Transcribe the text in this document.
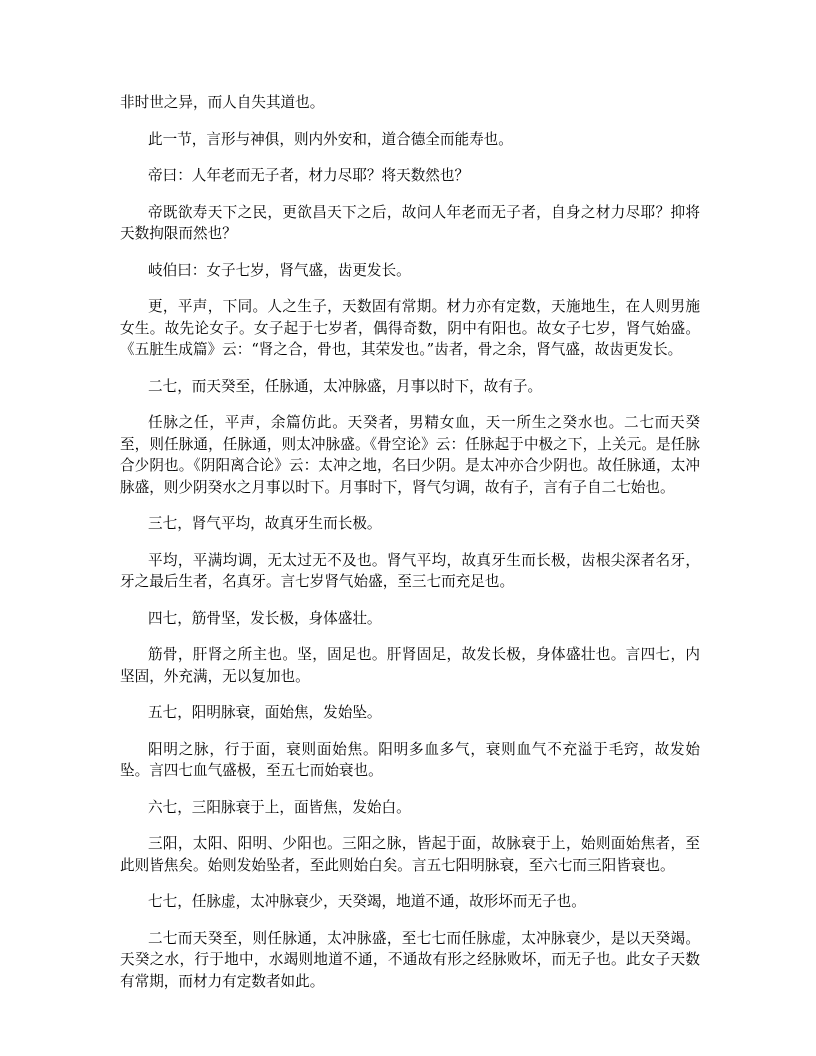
非时世之异，而人自失其道也。

此一节，言形与神俱，则内外安和，道合德全而能寿也。

帝曰：人年老而无子者，材力尽耶？将天数然也？

帝既欲寿天下之民，更欲昌天下之后，故问人年老而无子者，自身之材力尽耶？抑将天数拘限而然也？

岐伯曰：女子七岁，肾气盛，齿更发长。

更，平声，下同。人之生子，天数固有常期。材力亦有定数，天施地生，在人则男施女生。故先论女子。女子起于七岁者，偶得奇数，阴中有阳也。故女子七岁，肾气始盛。《五脏生成篇》云：“肾之合，骨也，其荣发也。”齿者，骨之余，肾气盛，故齿更发长。

二七，而天癸至，任脉通，太冲脉盛，月事以时下，故有子。

任脉之任，平声，余篇仿此。天癸者，男精女血，天一所生之癸水也。二七而天癸至，则任脉通，任脉通，则太冲脉盛。《骨空论》云：任脉起于中极之下，上关元。是任脉合少阴也。《阴阳离合论》云：太冲之地，名曰少阴。是太冲亦合少阴也。故任脉通，太冲脉盛，则少阴癸水之月事以时下。月事时下，肾气匀调，故有子，言有子自二七始也。

三七，肾气平均，故真牙生而长极。

平均，平满均调，无太过无不及也。肾气平均，故真牙生而长极，齿根尖深者名牙，牙之最后生者，名真牙。言七岁肾气始盛，至三七而充足也。

四七，筋骨坚，发长极，身体盛壮。

筋骨，肝肾之所主也。坚，固足也。肝肾固足，故发长极，身体盛壮也。言四七，内坚固，外充满，无以复加也。

五七，阳明脉衰，面始焦，发始坠。

阳明之脉，行于面，衰则面始焦。阳明多血多气，衰则血气不充溢于毛窍，故发始坠。言四七血气盛极，至五七而始衰也。

六七，三阳脉衰于上，面皆焦，发始白。

三阳，太阳、阳明、少阳也。三阳之脉，皆起于面，故脉衰于上，始则面始焦者，至此则皆焦矣。始则发始坠者，至此则始白矣。言五七阳明脉衰，至六七而三阳皆衰也。

七七，任脉虚，太冲脉衰少，天癸竭，地道不通，故形坏而无子也。

二七而天癸至，则任脉通，太冲脉盛，至七七而任脉虚，太冲脉衰少，是以天癸竭。天癸之水，行于地中，水竭则地道不通，不通故有形之经脉败坏，而无子也。此女子天数有常期，而材力有定数者如此。
